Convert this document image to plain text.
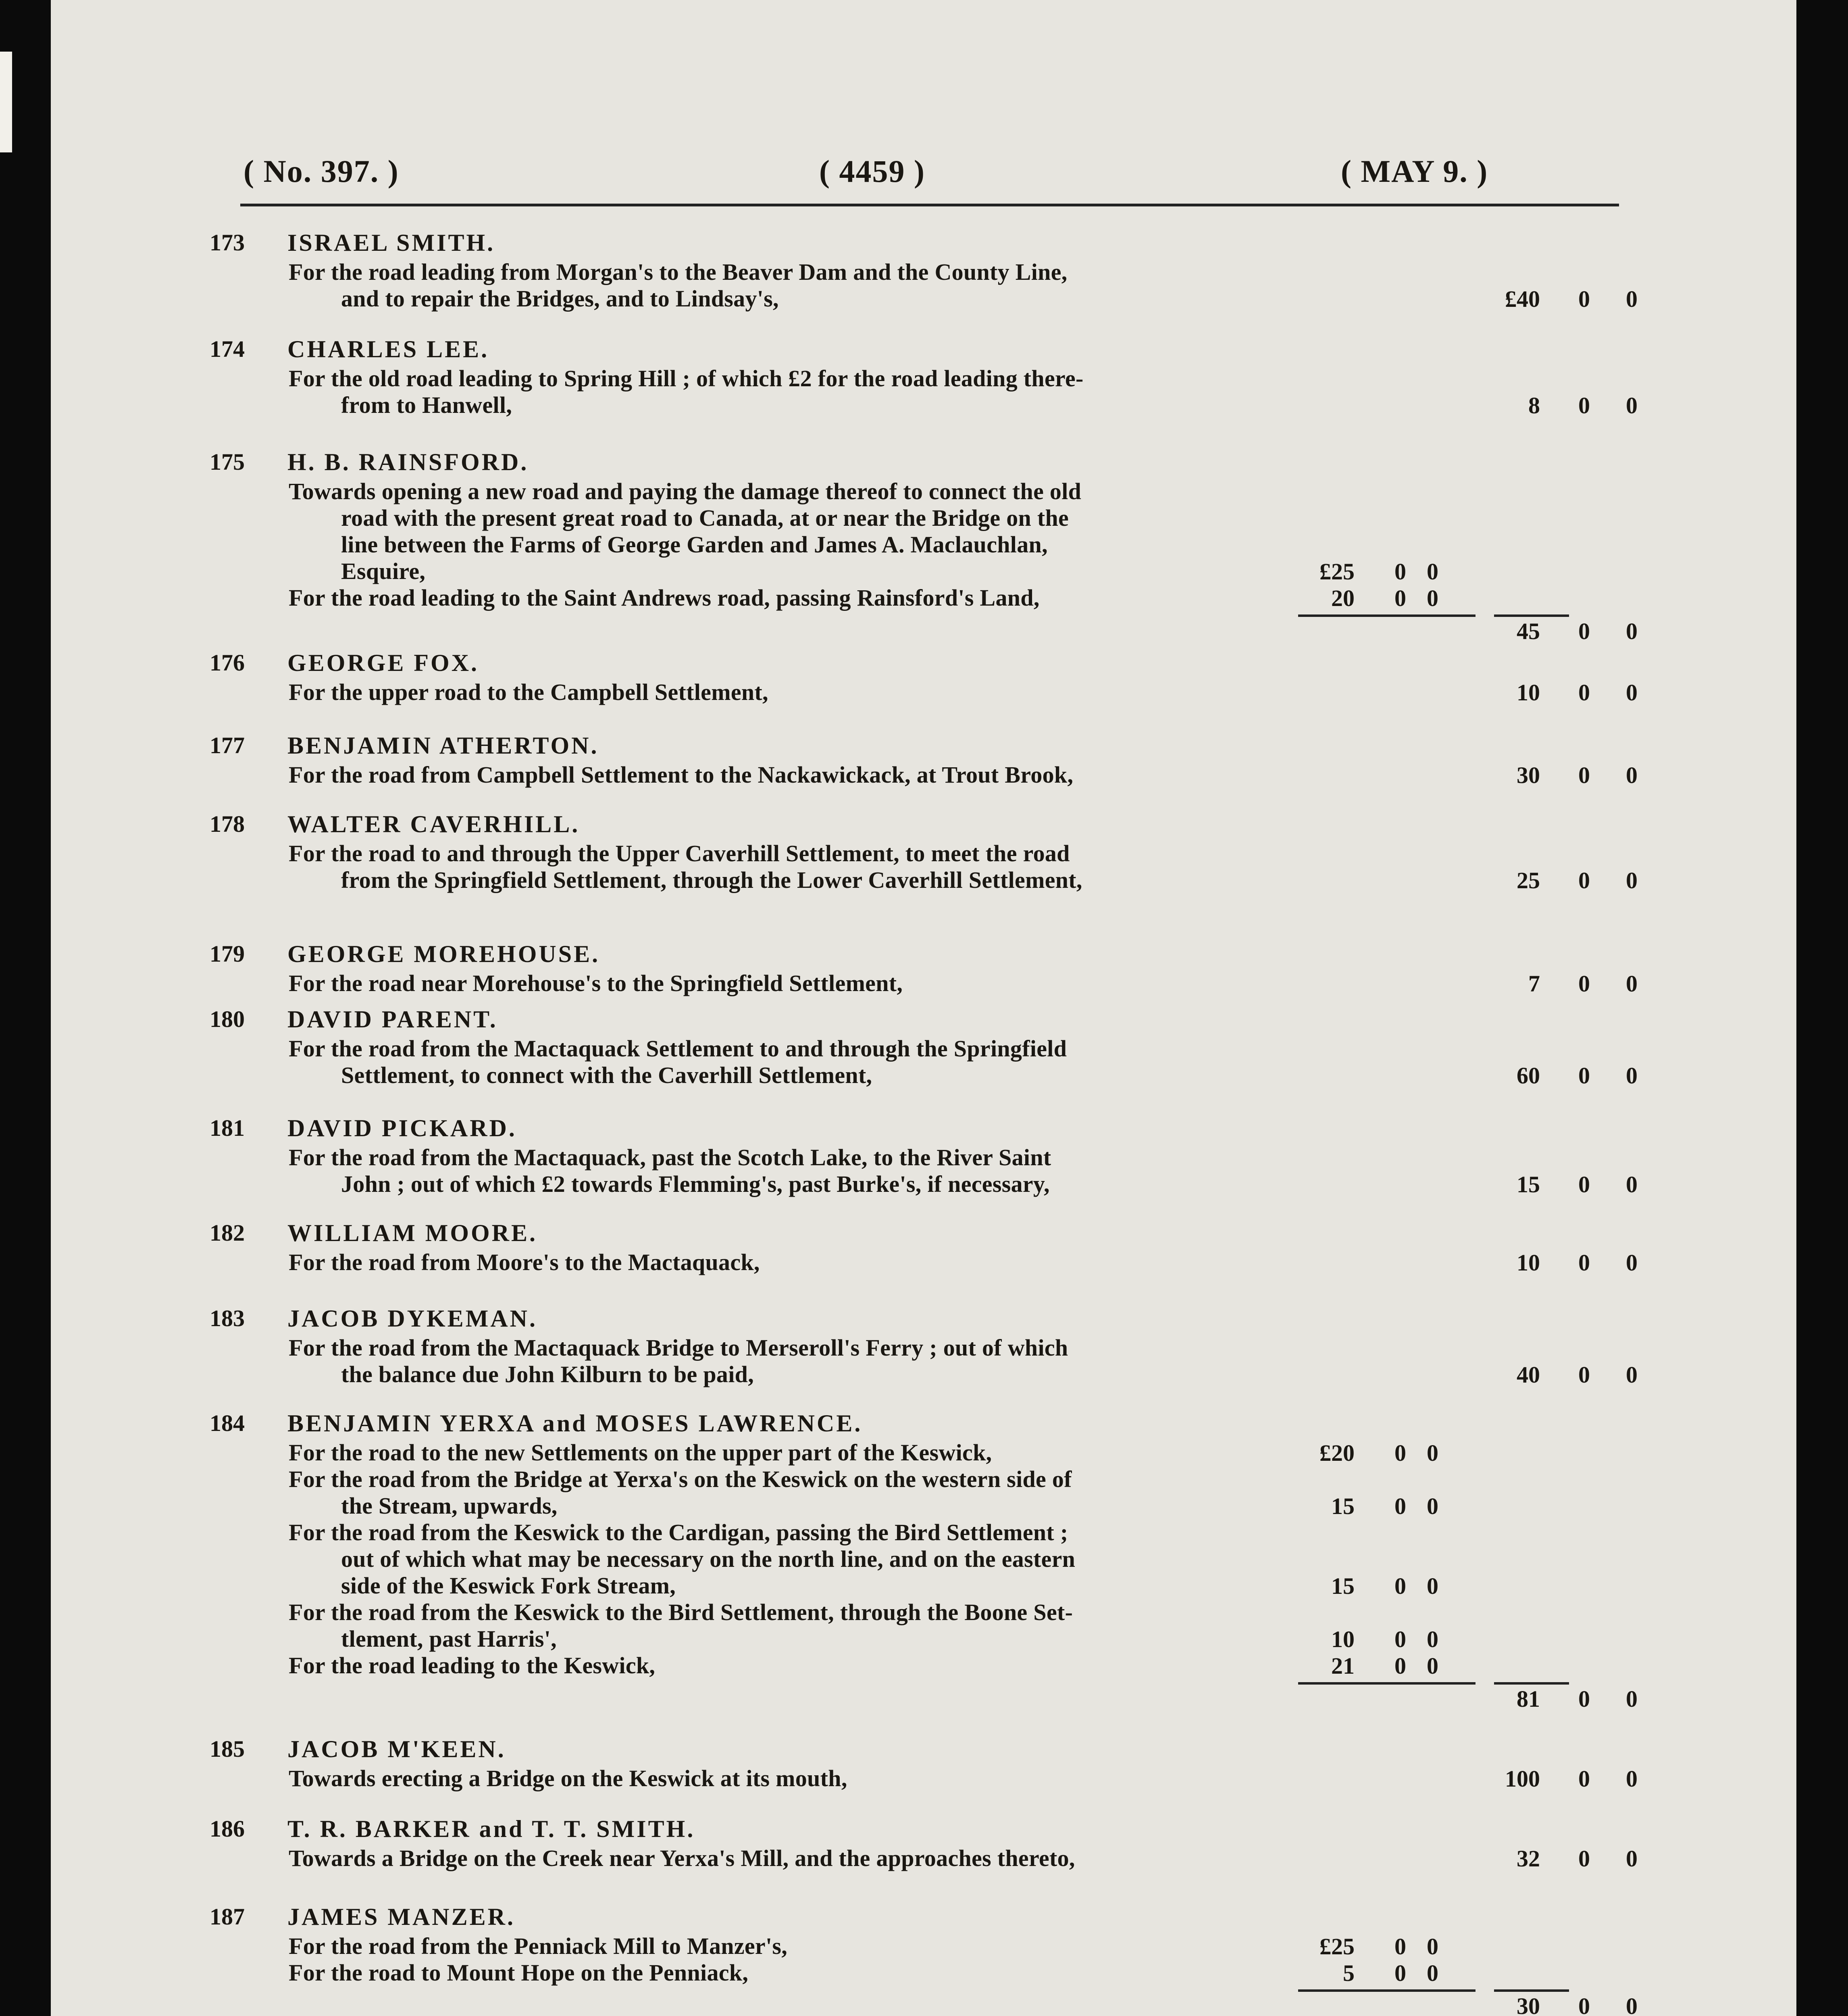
( No. 397. )	( 4459 )	( MAY 9. )
173 ISRAEL SMITH.
For the road leading from Morgan's to the Beaver Dam and the County Line,
and to repair the Bridges, and to Lindsay's,	£40 0 0
174 CHARLES LEE.
For the old road leading to Spring Hill ; of which £2 for the road leading there-
from to Hanwell,	8 0 0
175 H. B. RAINSFORD.
Towards opening a new road and paying the damage thereof to connect the old
road with the present great road to Canada, at or near the Bridge on the
line between the Farms of George Garden and James A. Maclauchlan,
Esquire,	£25 0 0
For the road leading to the Saint Andrews road, passing Rainsford's Land,	20 0 0
45 0 0
176 GEORGE FOX.
For the upper road to the Campbell Settlement,	10 0 0
177 BENJAMIN ATHERTON.
For the road from Campbell Settlement to the Nackawickack, at Trout Brook,	30 0 0
178 WALTER CAVERHILL.
For the road to and through the Upper Caverhill Settlement, to meet the road
from the Springfield Settlement, through the Lower Caverhill Settlement,	25 0 0
179 GEORGE MOREHOUSE.
For the road near Morehouse's to the Springfield Settlement,	7 0 0
180 DAVID PARENT.
For the road from the Mactaquack Settlement to and through the Springfield
Settlement, to connect with the Caverhill Settlement,	60 0 0
181 DAVID PICKARD.
For the road from the Mactaquack, past the Scotch Lake, to the River Saint
John ; out of which £2 towards Flemming's, past Burke's, if necessary,	15 0 0
182 WILLIAM MOORE.
For the road from Moore's to the Mactaquack,	10 0 0
183 JACOB DYKEMAN.
For the road from the Mactaquack Bridge to Merseroll's Ferry ; out of which
the balance due John Kilburn to be paid,	40 0 0
184 BENJAMIN YERXA and MOSES LAWRENCE.
For the road to the new Settlements on the upper part of the Keswick,	£20 0 0
For the road from the Bridge at Yerxa's on the Keswick on the western side of
the Stream, upwards,	15 0 0
For the road from the Keswick to the Cardigan, passing the Bird Settlement ;
out of which what may be necessary on the north line, and on the eastern
side of the Keswick Fork Stream,	15 0 0
For the road from the Keswick to the Bird Settlement, through the Boone Set-
tlement, past Harris',	10 0 0
For the road leading to the Keswick,	21 0 0
81 0 0
185 JACOB M'KEEN.
Towards erecting a Bridge on the Keswick at its mouth,	100 0 0
186 T. R. BARKER and T. T. SMITH.
Towards a Bridge on the Creek near Yerxa's Mill, and the approaches thereto,	32 0 0
187 JAMES MANZER.
For the road from the Penniack Mill to Manzer's,	£25 0 0
For the road to Mount Hope on the Penniack,	5 0 0
30 0 0
